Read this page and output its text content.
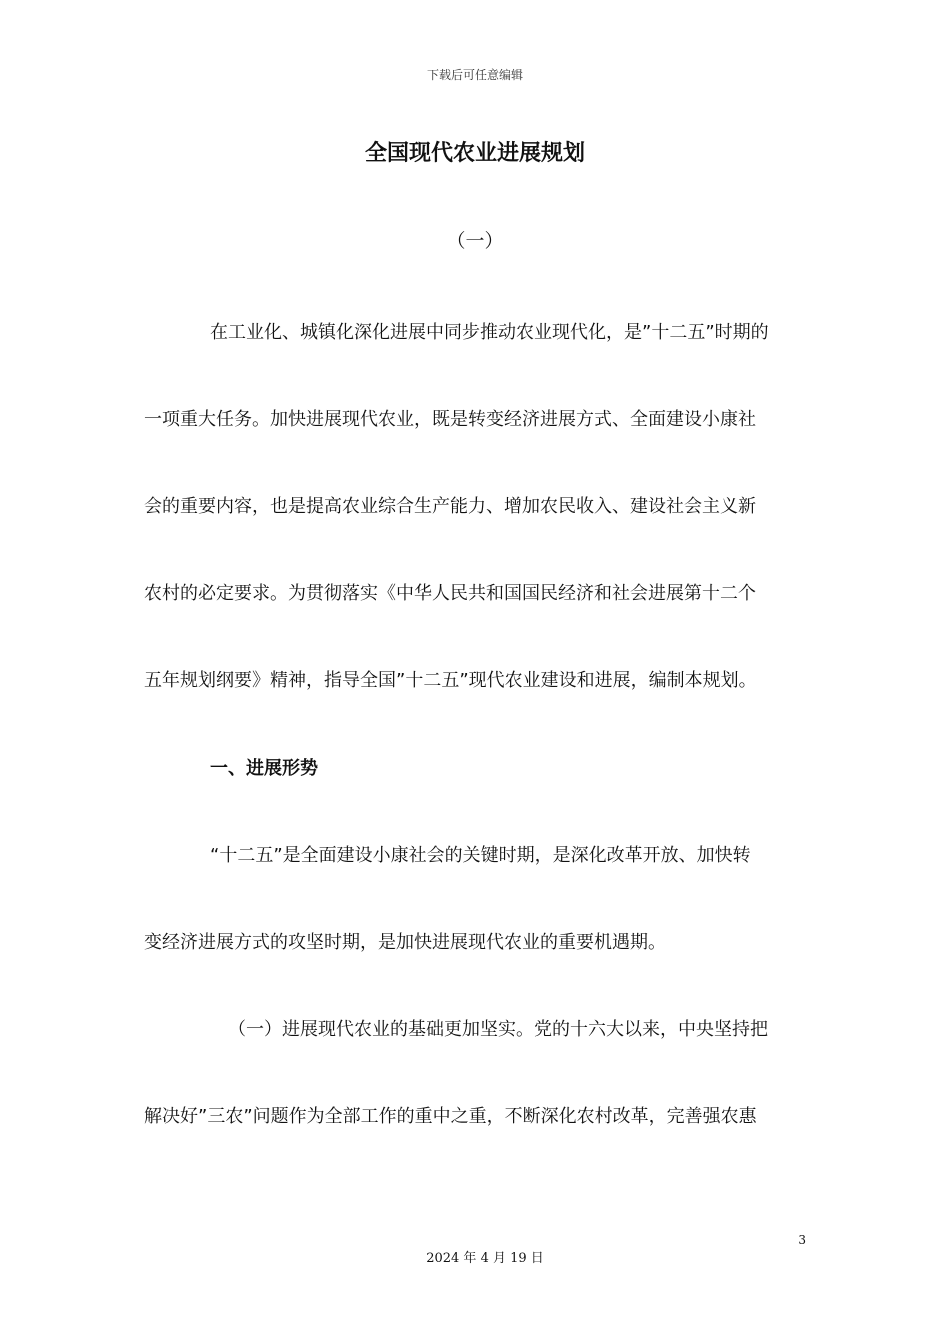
下载后可任意编辑
全国现代农业进展规划
（一）
在工业化、城镇化深化进展中同步推动农业现代化，是”十二五”时期的
一项重大任务。加快进展现代农业，既是转变经济进展方式、全面建设小康社
会的重要内容，也是提高农业综合生产能力、增加农民收入、建设社会主义新
农村的必定要求。为贯彻落实《中华人民共和国国民经济和社会进展第十二个
五年规划纲要》精神，指导全国”十二五”现代农业建设和进展，编制本规划。
一、进展形势
“十二五”是全面建设小康社会的关键时期，是深化改革开放、加快转
变经济进展方式的攻坚时期，是加快进展现代农业的重要机遇期。
（一）进展现代农业的基础更加坚实。党的十六大以来，中央坚持把
解决好”三农”问题作为全部工作的重中之重，不断深化农村改革，完善强农惠
3
2024 年 4 月 19 日
